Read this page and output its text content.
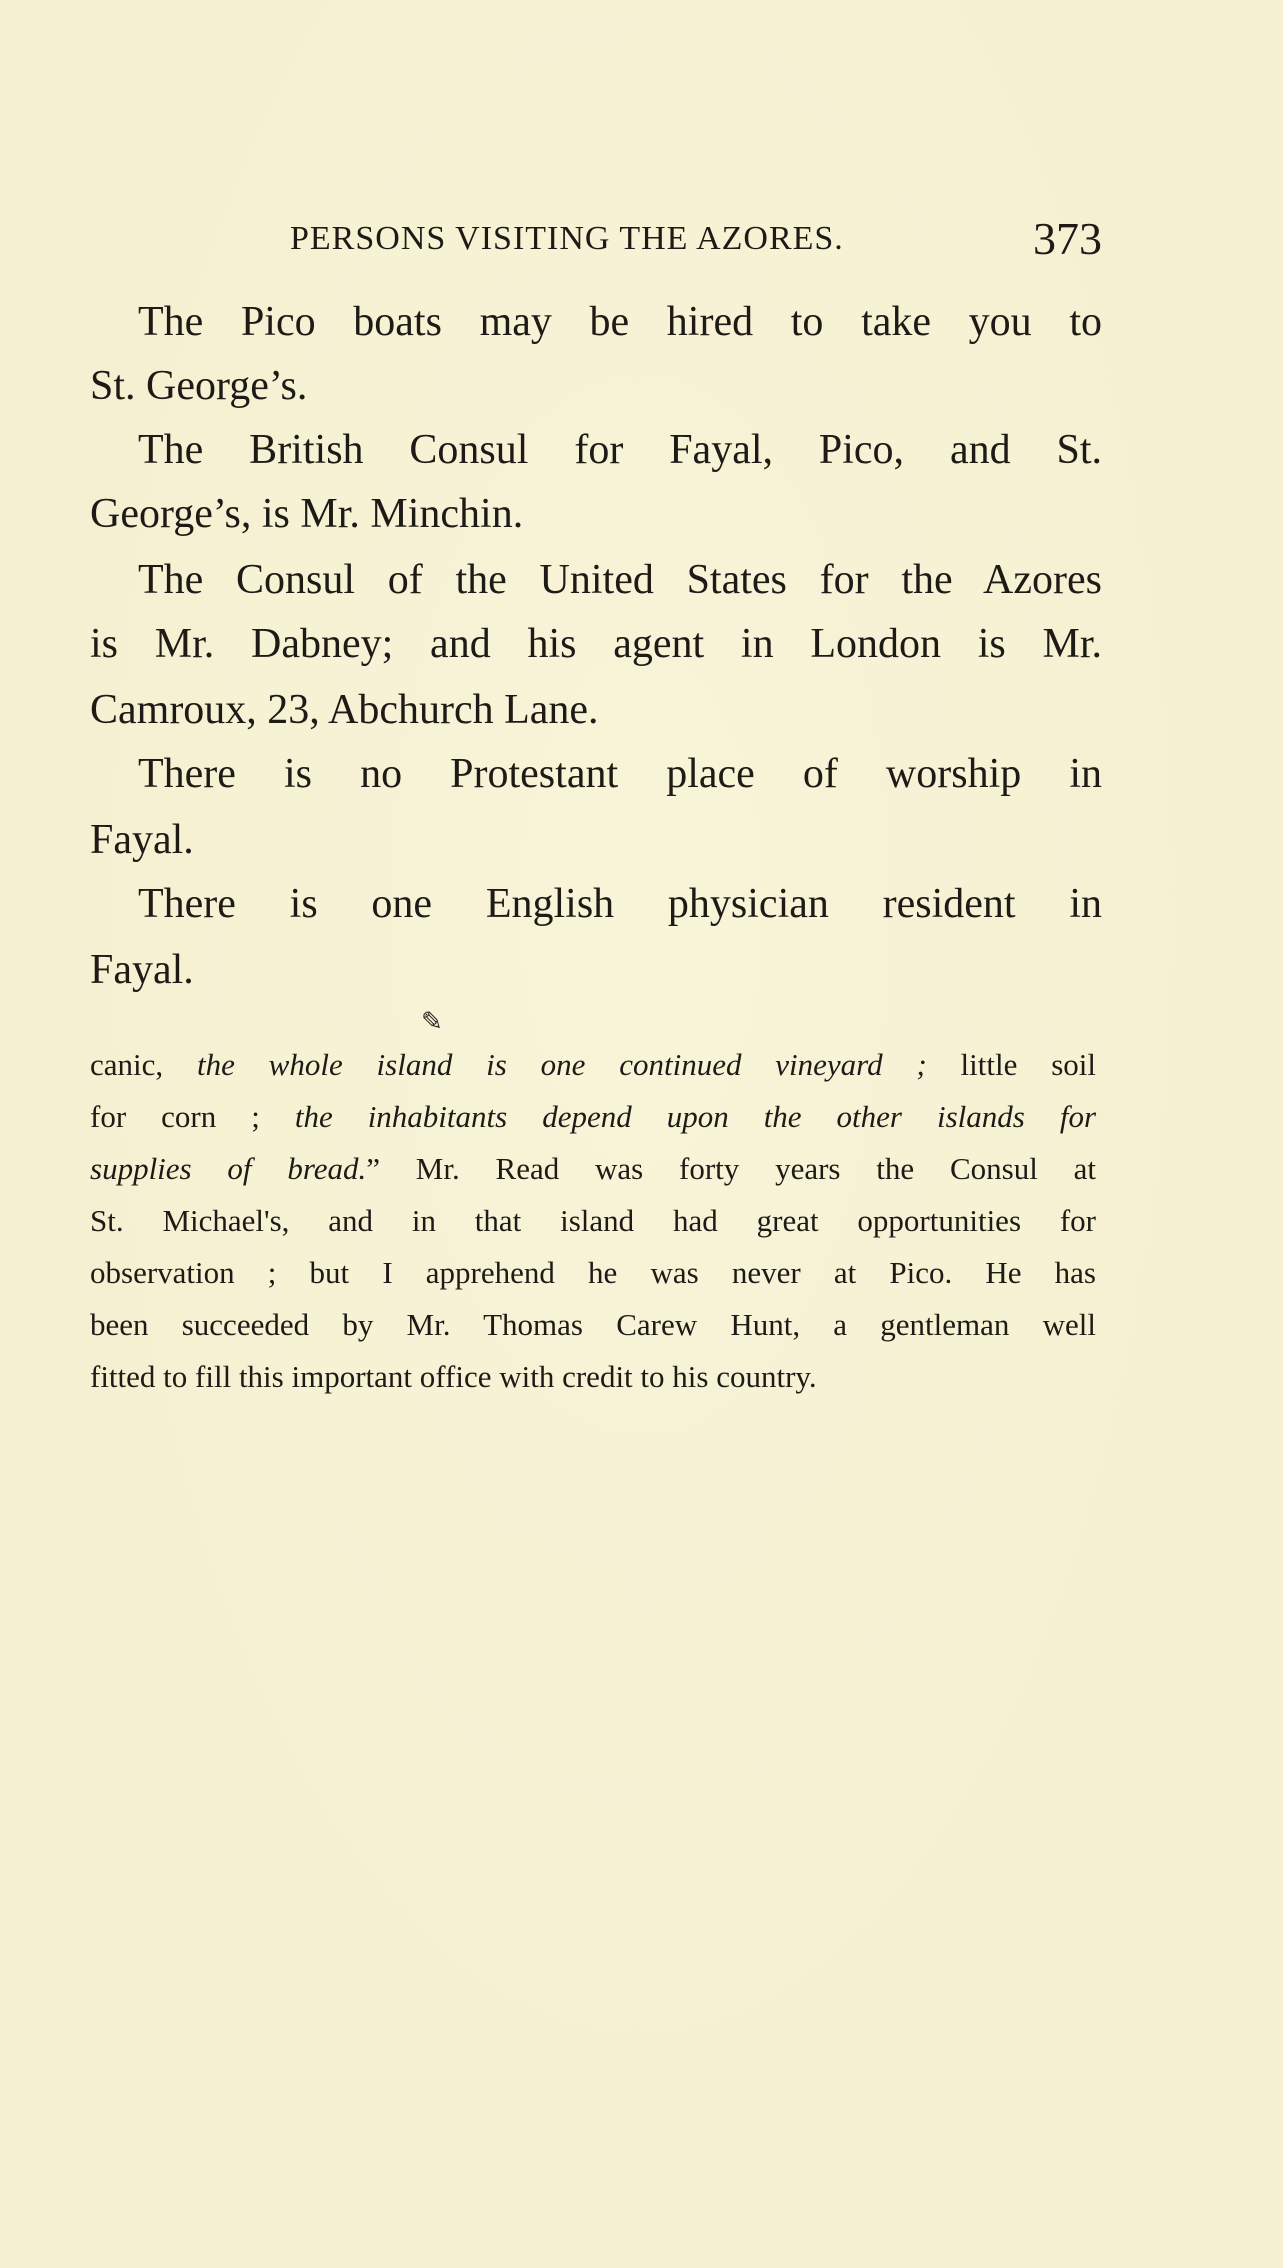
PERSONS VISITING THE AZORES.	373
The Pico boats may be hired to take you to
St. George’s.
The British Consul for Fayal, Pico, and St.
George’s, is Mr. Minchin.
The Consul of the United States for the Azores
is Mr. Dabney; and his agent in London is Mr.
Camroux, 23, Abchurch Lane.
There is no Protestant place of worship in
Fayal.
There is one English physician resident in
Fayal.
✎
canic, the whole island is one continued vineyard ; little soil
for corn ; the inhabitants depend upon the other islands for
supplies of bread.” Mr. Read was forty years the Consul at
St. Michael's, and in that island had great opportunities for
observation ; but I apprehend he was never at Pico. He has
been succeeded by Mr. Thomas Carew Hunt, a gentleman well
fitted to fill this important office with credit to his country.
